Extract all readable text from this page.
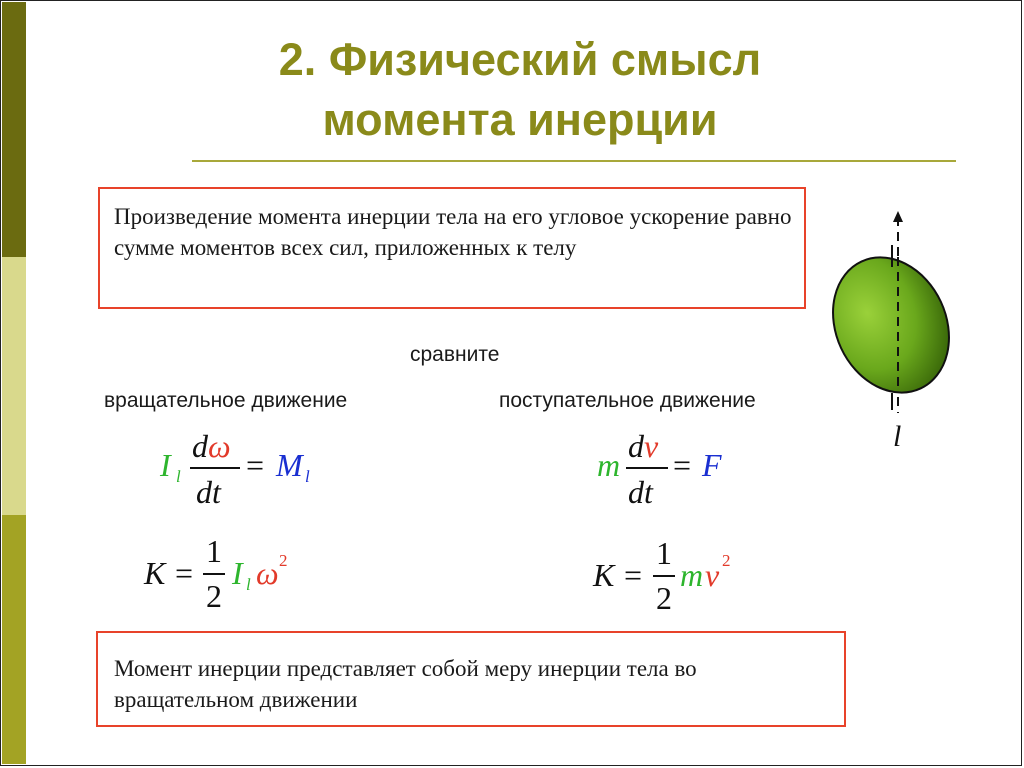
2. Физический смысл
момента инерции
Произведение момента инерции тела на его угловое ускорение равно сумме моментов всех сил, приложенных к телу
l
сравните
вращательное движение	поступательное движение
I l
dω
dt
= M l	m
dv
dt
= F
K =
1
2
I l ω 2	K =
1
2
m v 2
Момент инерции представляет собой меру инерции тела во вращательном движении
